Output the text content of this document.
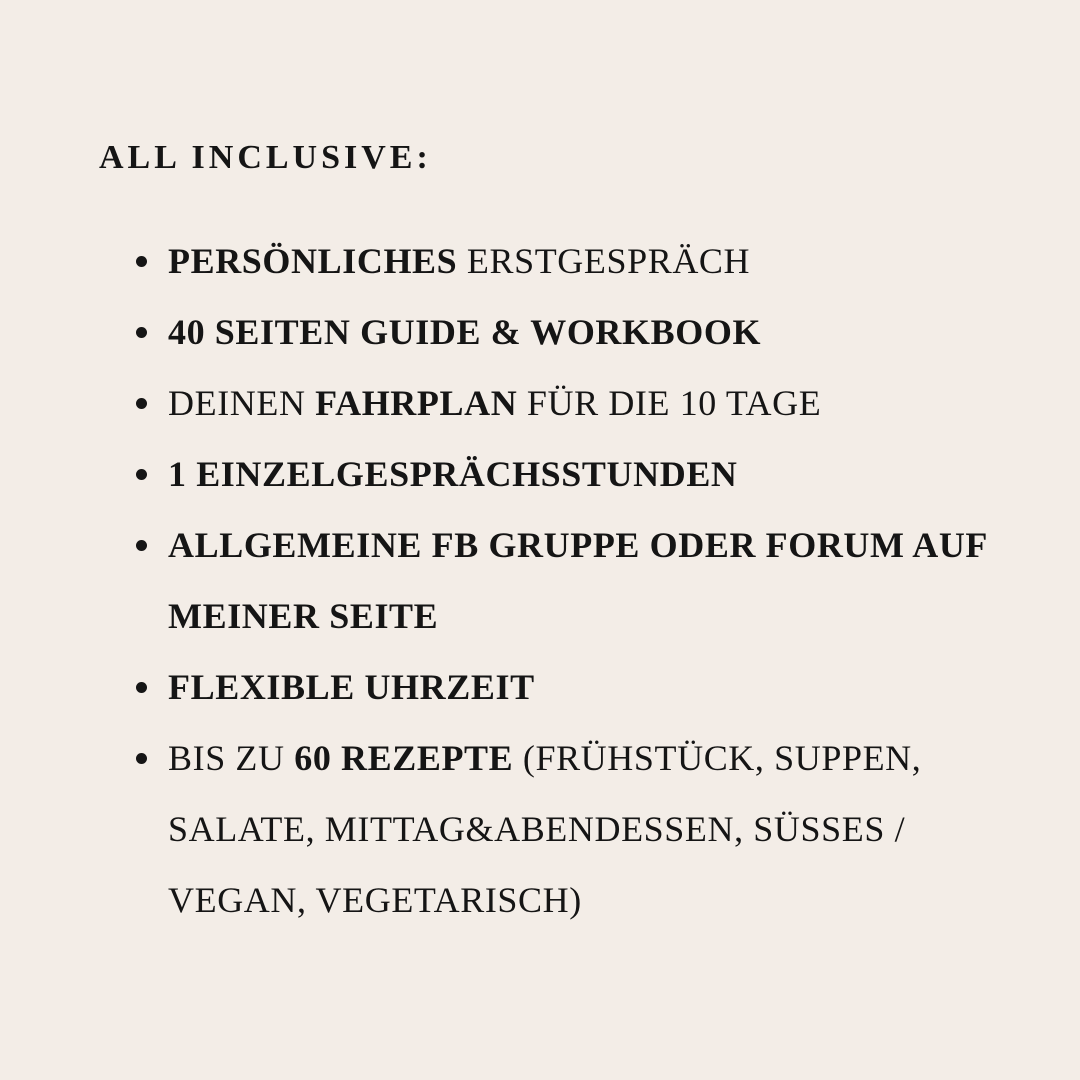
ALL INCLUSIVE:
PERSÖNLICHES ERSTGESPRÄCH
40 SEITEN GUIDE & WORKBOOK
DEINEN FAHRPLAN FÜR DIE 10 TAGE
1 EINZELGESPRÄCHSSTUNDEN
ALLGEMEINE FB GRUPPE ODER FORUM AUF
MEINER SEITE
FLEXIBLE UHRZEIT
BIS ZU 60 REZEPTE (FRÜHSTÜCK, SUPPEN,
SALATE, MITTAG&ABENDESSEN, SÜSSES /
VEGAN, VEGETARISCH)
